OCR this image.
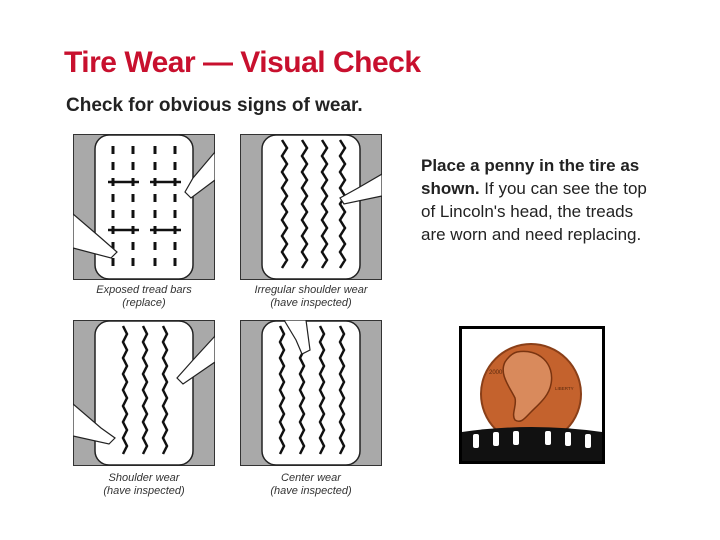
Tire Wear — Visual Check
Check for obvious signs of wear.
Exposed tread bars
(replace)
Irregular shoulder wear
(have inspected)
Shoulder wear
(have inspected)
Center wear
(have inspected)
Place a penny in the tire as shown. If you can see the top of Lincoln's head, the treads are worn and need replacing.
2000
LIBERTY
